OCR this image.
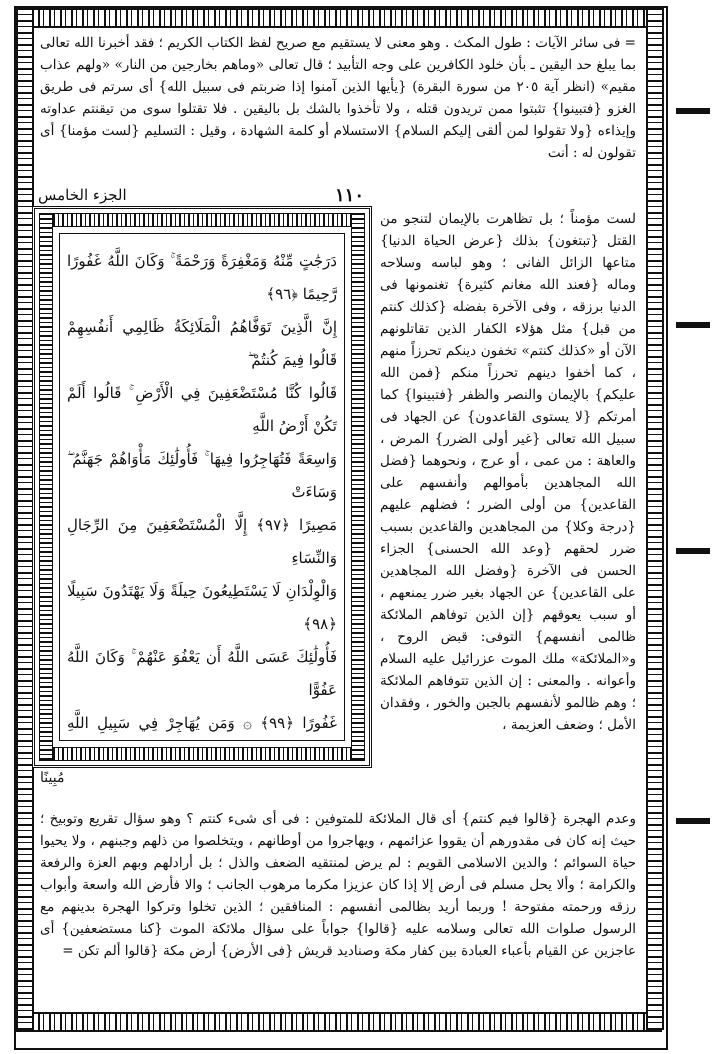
= فى سائر الآيات : طول المكث . وهو معنى لا يستقيم مع صريح لفظ الكتاب الكريم ؛ فقد أخبرنا الله تعالى بما يبلغ حد اليقين ـ بأن خلود الكافرين على وجه التأبيد ؛ قال تعالى «وماهم بخارجين من النار» «ولهم عذاب مقيم» (انظر آية ٢٠٥ من سورة البقرة) {يأيها الذين آمنوا إذا ضربتم فى سبيل الله} أى سرتم فى طريق الغزو {فتبينوا} تثبتوا ممن تريدون قتله ، ولا تأخذوا بالشك بل باليقين . فلا تقتلوا سوى من تيقنتم عداوته وإيذاءه {ولا تقولوا لمن ألقى إليكم السلام} الاستسلام أو كلمة الشهادة ، وقيل : التسليم {لست مؤمنا} أى تقولون له : أنت

١١٠
الجزء الخامس

دَرَجَٰتٍ مِّنْهُ وَمَغْفِرَةً وَرَحْمَةً ۚ وَكَانَ اللَّهُ غَفُورًا رَّحِيمًا ﴿٩٦﴾

إِنَّ الَّذِينَ تَوَفَّاهُمُ الْمَلَائِكَةُ ظَالِمِي أَنفُسِهِمْ قَالُوا فِيمَ كُنتُمْ ۖ

قَالُوا كُنَّا مُسْتَضْعَفِينَ فِي الْأَرْضِ ۚ قَالُوا أَلَمْ تَكُنْ أَرْضُ اللَّهِ

وَاسِعَةً فَتُهَاجِرُوا فِيهَا ۚ فَأُولَٰئِكَ مَأْوَاهُمْ جَهَنَّمُ ۖ وَسَاءَتْ

مَصِيرًا ﴿٩٧﴾ إِلَّا الْمُسْتَضْعَفِينَ مِنَ الرِّجَالِ وَالنِّسَاءِ

وَالْوِلْدَانِ لَا يَسْتَطِيعُونَ حِيلَةً وَلَا يَهْتَدُونَ سَبِيلًا ﴿٩٨﴾

فَأُولَٰئِكَ عَسَى اللَّهُ أَن يَعْفُوَ عَنْهُمْ ۚ وَكَانَ اللَّهُ عَفُوًّا

غَفُورًا ﴿٩٩﴾ ۞ وَمَن يُهَاجِرْ فِي سَبِيلِ اللَّهِ

مُبِينًا

لست مؤمناً ؛ بل تظاهرت بالإيمان لتنجو من القتل {تبتغون} بذلك {عرض الحياة الدنيا} متاعها الزائل الفانى ؛ وهو لباسه وسلاحه وماله {فعند الله مغانم كثيرة} تغنمونها فى الدنيا برزقه ، وفى الآخرة بفضله {كذلك كنتم من قبل} مثل هؤلاء الكفار الذين تقاتلونهم الآن أو «كذلك كنتم» تخفون دينكم تحرزاً منهم ، كما أخفوا دينهم تحرزاً منكم {فمن الله عليكم} بالإيمان والنصر والظفر {فتبينوا} كما أمرتكم {لا يستوى القاعدون} عن الجهاد فى سبيل الله تعالى {غير أولى الضرر} المرض ، والعاهة : من عمى ، أو عرج ، ونحوهما {فضل الله المجاهدين بأموالهم وأنفسهم على القاعدين} من أولى الضرر ؛ فضلهم عليهم {درجة وكلا} من المجاهدين والقاعدين بسبب ضرر لحقهم {وعد الله الحسنى} الجزاء الحسن فى الآخرة {وفضل الله المجاهدين على القاعدين} عن الجهاد بغير ضرر يمنعهم ، أو سبب يعوقهم {إن الذين توفاهم الملائكة ظالمى أنفسهم} التوفى: قبض الروح ، و«الملائكة» ملك الموت عزرائيل عليه السلام وأعوانه . والمعنى : إن الذين تتوفاهم الملائكة ؛ وهم ظالمو لأنفسهم بالجبن والخور ، وفقدان الأمل ؛ وضعف العزيمة ،

وعدم الهجرة {قالوا فيم كنتم} أى قال الملائكة للمتوفين : فى أى شىء كنتم ؟ وهو سؤال تقريع وتوبيخ ؛ حيث إنه كان فى مقدورهم أن يقووا عزائمهم ، ويهاجروا من أوطانهم ، ويتخلصوا من ذلهم وجبنهم ، ولا يحيوا حياة السوائم ؛ والدين الاسلامى القويم : لم يرض لمنتقيه الضعف والذل ؛ بل أرادلهم وبهم العزة والرفعة والكرامة ؛ وألا يحل مسلم فى أرض إلا إذا كان عزيزا مكرما مرهوب الجانب ؛ والا فأرض الله واسعة وأبواب رزقه ورحمته مفتوحة ! وربما أريد بظالمى أنفسهم : المنافقين ؛ الذين تخلوا وتركوا الهجرة بدينهم مع الرسول صلوات الله تعالى وسلامه عليه {قالوا} جواباً على سؤال ملائكة الموت {كنا مستضعفين} أى عاجزين عن القيام بأعباء العبادة بين كفار مكة وصناديد قريش {فى الأرض} أرض مكة {قالوا ألم تكن =
